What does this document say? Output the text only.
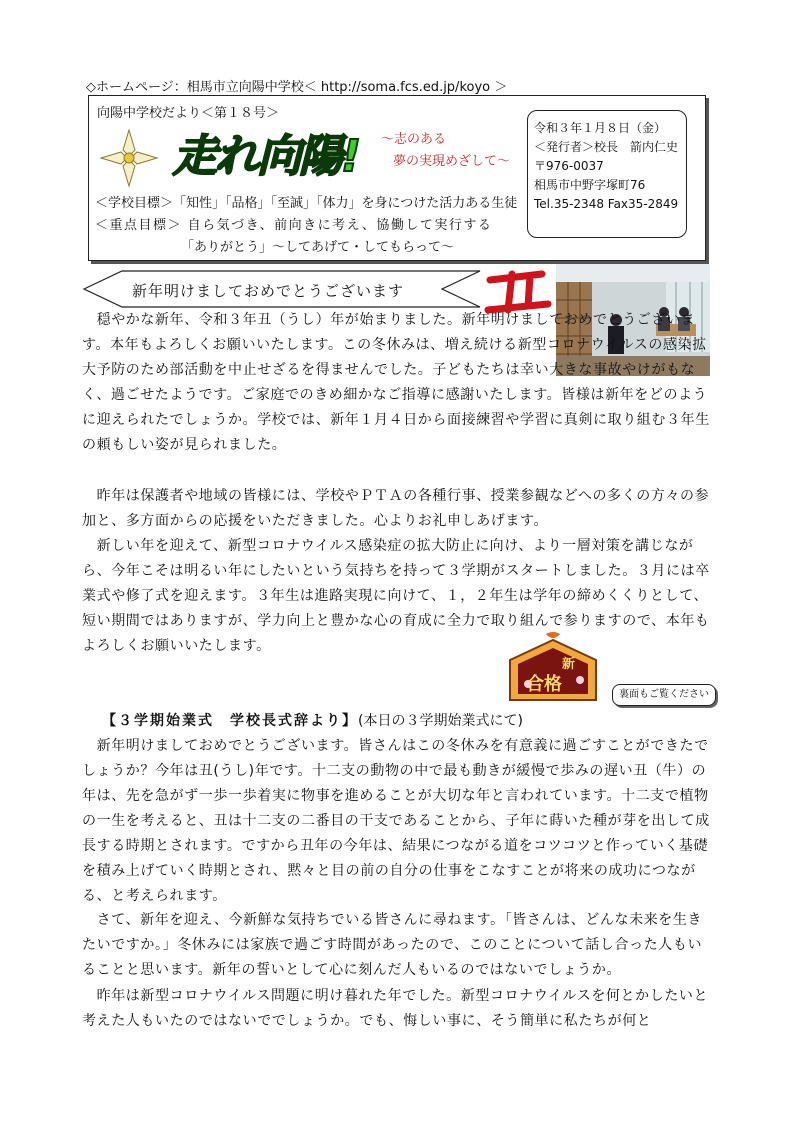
◇ホームページ：相馬市立向陽中学校＜ http://soma.fcs.ed.jp/koyo ＞
向陽中学校だより＜第１８号＞
走れ向陽! ～志のある
夢の実現めざして～
＜学校目標＞「知性」「品格」「至誠」「体力」を身につけた活力ある生徒
＜重点目標＞ 自ら気づき、前向きに考え、協働して実行する
「ありがとう」～してあげて・してもらって～
令和３年１月８日（金）
＜発行者＞校長　箭内仁史
〒976-0037
相馬市中野字塚町76
Tel.35-2348 Fax35-2849
新年明けましておめでとうございます
丑
　穏やかな新年、令和３年丑（うし）年が始まりました。新年明けましておめでとうございます。本年もよろしくお願いいたします。この冬休みは、増え続ける新型コロナウイルスの感染拡大予防のため部活動を中止せざるを得ませんでした。子どもたちは幸い大きな事故やけがもなく、過ごせたようです。ご家庭でのきめ細かなご指導に感謝いたします。皆様は新年をどのように迎えられたでしょうか。学校では、新年１月４日から面接練習や学習に真剣に取り組む３年生の頼もしい姿が見られました。
　昨年は保護者や地域の皆様には、学校やＰＴＡの各種行事、授業参観などへの多くの方々の参加と、多方面からの応援をいただきました。心よりお礼申しあげます。
　新しい年を迎えて、新型コロナウイルス感染症の拡大防止に向け、より一層対策を講じながら、今年こそは明るい年にしたいという気持ちを持って３学期がスタートしました。３月には卒業式や修了式を迎えます。３年生は進路実現に向けて、１，２年生は学年の締めくくりとして、短い期間ではありますが、学力向上と豊かな心の育成に全力で取り組んで参りますので、本年もよろしくお願いいたします。
新
合格	裏面もご覧ください
【３学期始業式　学校長式辞より】(本日の３学期始業式にて)
　新年明けましておめでとうございます。皆さんはこの冬休みを有意義に過ごすことができたでしょうか？今年は丑(うし)年です。十二支の動物の中で最も動きが緩慢で歩みの遅い丑（牛）の年は、先を急がず一歩一歩着実に物事を進めることが大切な年と言われています。十二支で植物の一生を考えると、丑は十二支の二番目の干支であることから、子年に蒔いた種が芽を出して成長する時期とされます。ですから丑年の今年は、結果につながる道をコツコツと作っていく基礎を積み上げていく時期とされ、黙々と目の前の自分の仕事をこなすことが将来の成功につながる、と考えられます。
　さて、新年を迎え、今新鮮な気持ちでいる皆さんに尋ねます。「皆さんは、どんな未来を生きたいですか。」冬休みには家族で過ごす時間があったので、このことについて話し合った人もいることと思います。新年の誓いとして心に刻んだ人もいるのではないでしょうか。
　昨年は新型コロナウイルス問題に明け暮れた年でした。新型コロナウイルスを何とかしたいと考えた人もいたのではないででしょうか。でも、悔しい事に、そう簡単に私たちが何と
